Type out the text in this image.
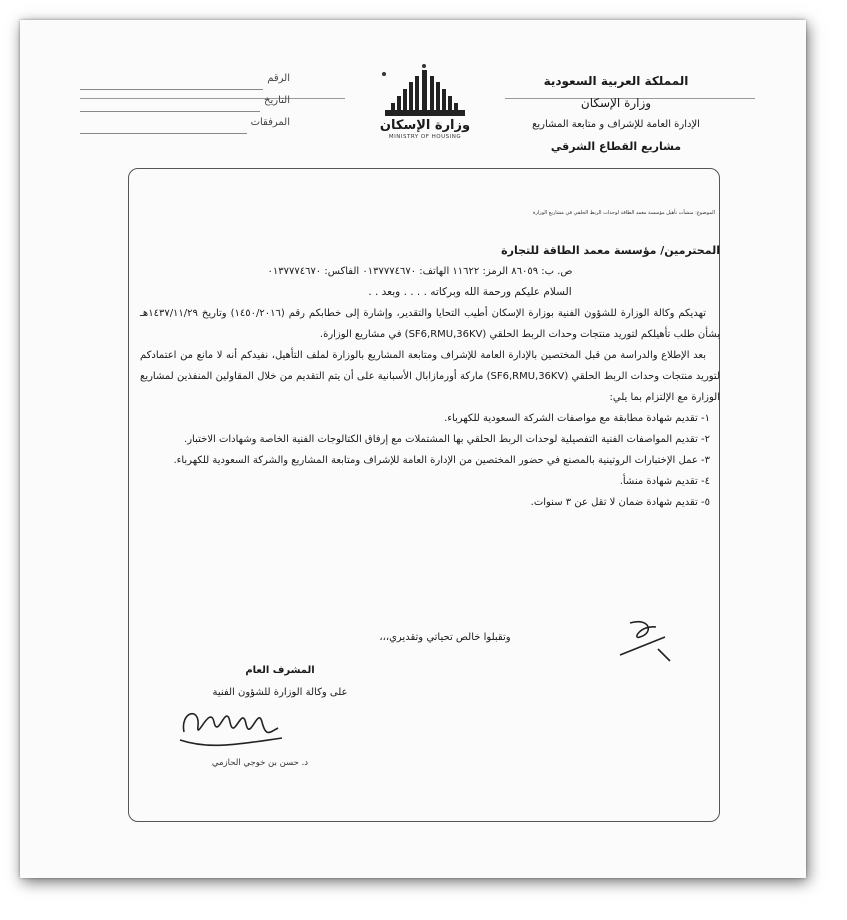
المملكة العربية السعودية
وزارة الإسكان
الإدارة العامة للإشراف و متابعة المشاريع
مشاريع القطاع الشرقي
الرقم
التاريخ
المرفقات	وزارة الإسكان
MINISTRY OF HOUSING
الموضوع: منشآت تأهيل مؤسسة معمد الطاقة لوحدات الربط الحلقي في مشاريع الوزارة
المحترمين/ مؤسسة معمد الطاقة للتجارة
ص. ب: ٨٦٠٥٩ الرمز: ١١٦٢٢ الهاتف: ٠١٣٧٧٧٤٦٧٠ الفاكس: ٠١٣٧٧٧٤٦٧٠
السلام عليكم ورحمة الله وبركاته . . . . وبعد . .
تهديكم وكالة الوزارة للشؤون الفنية بوزارة الإسكان أطيب التحايا والتقدير، وإشارة إلى خطابكم رقم (١٤٥٠/٢٠١٦) وتاريخ ١٤٣٧/١١/٢٩هـ بشأن طلب تأهيلكم لتوريد منتجات وحدات الربط الحلقي (SF6,RMU,36KV) في مشاريع الوزارة.
بعد الإطلاع والدراسة من قبل المختصين بالإدارة العامة للإشراف ومتابعة المشاريع بالوزارة لملف التأهيل، نفيدكم أنه لا مانع من اعتمادكم لتوريد منتجات وحدات الربط الحلقي (SF6,RMU,36KV) ماركة أورمازابال الأسبانية على أن يتم التقديم من خلال المقاولين المنفذين لمشاريع الوزارة مع الإلتزام بما يلي:
١- تقديم شهادة مطابقة مع مواصفات الشركة السعودية للكهرباء.
٢- تقديم المواصفات الفنية التفصيلية لوحدات الربط الحلقي بها المشتملات مع إرفاق الكتالوجات الفنية الخاصة وشهادات الاختبار.
٣- عمل الإختبارات الروتينية بالمصنع في حضور المختصين من الإدارة العامة للإشراف ومتابعة المشاريع والشركة السعودية للكهرباء.
٤- تقديم شهادة منشأ.
٥- تقديم شهادة ضمان لا تقل عن ٣ سنوات.
وتقبلوا خالص تحياتي وتقديري،،،
المشرف العام
على وكالة الوزارة للشؤون الفنية
د. حسن بن خوجي الحازمي
